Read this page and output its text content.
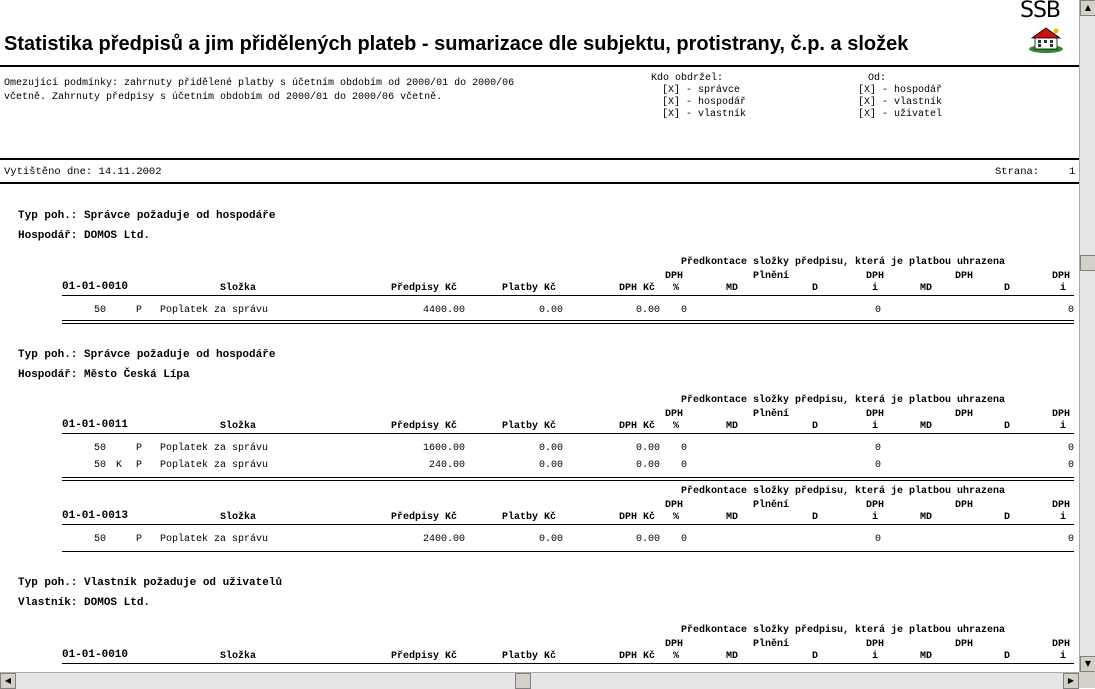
SSB
Statistika předpisů a jim přidělených plateb - sumarizace dle subjektu, protistrany, č.p. a složek
Omezující podmínky: zahrnuty přidělené platby s účetním obdobím od 2000/01 do 2000/06
včetně. Zahrnuty předpisy s účetním obdobím od 2000/01 do 2000/06 včetně.
Kdo obdržel:
[X] - správce
[X] - hospodář
[X] - vlastník
Od:
[X] - hospodář
[X] - vlastník
[X] - uživatel
Vytištěno dne: 14.11.2002	Strana:	1
Typ poh.: Správce požaduje od hospodáře
Hospodář: DOMOS Ltd.
Předkontace složky předpisu, která je platbou uhrazena
DPH	Plnění	DPH	DPH	DPH
01-01-0010	Složka	Předpisy Kč	Platby Kč	DPH Kč %	MD	D	i	MD	D	i
50	P Poplatek za správu	4400.00	0.00	0.00 0	0	0
Typ poh.: Správce požaduje od hospodáře
Hospodář: Město Česká Lípa
Předkontace složky předpisu, která je platbou uhrazena
DPH	Plnění	DPH	DPH	DPH
01-01-0011	Složka	Předpisy Kč	Platby Kč	DPH Kč %	MD	D	i	MD	D	i
50	P Poplatek za správu	1600.00	0.00	0.00 0	0	0
50 K P Poplatek za správu	240.00	0.00	0.00 0	0	0
Předkontace složky předpisu, která je platbou uhrazena
DPH	Plnění	DPH	DPH	DPH
01-01-0013	Složka	Předpisy Kč	Platby Kč	DPH Kč %	MD	D	i	MD	D	i
50	P Poplatek za správu	2400.00	0.00	0.00 0	0	0
Typ poh.: Vlastník požaduje od uživatelů
Vlastník: DOMOS Ltd.
Předkontace složky předpisu, která je platbou uhrazena
DPH	Plnění	DPH	DPH	DPH
01-01-0010	Složka	Předpisy Kč	Platby Kč	DPH Kč %	MD	D	i	MD	D	i
▲
▼
◀	▶
